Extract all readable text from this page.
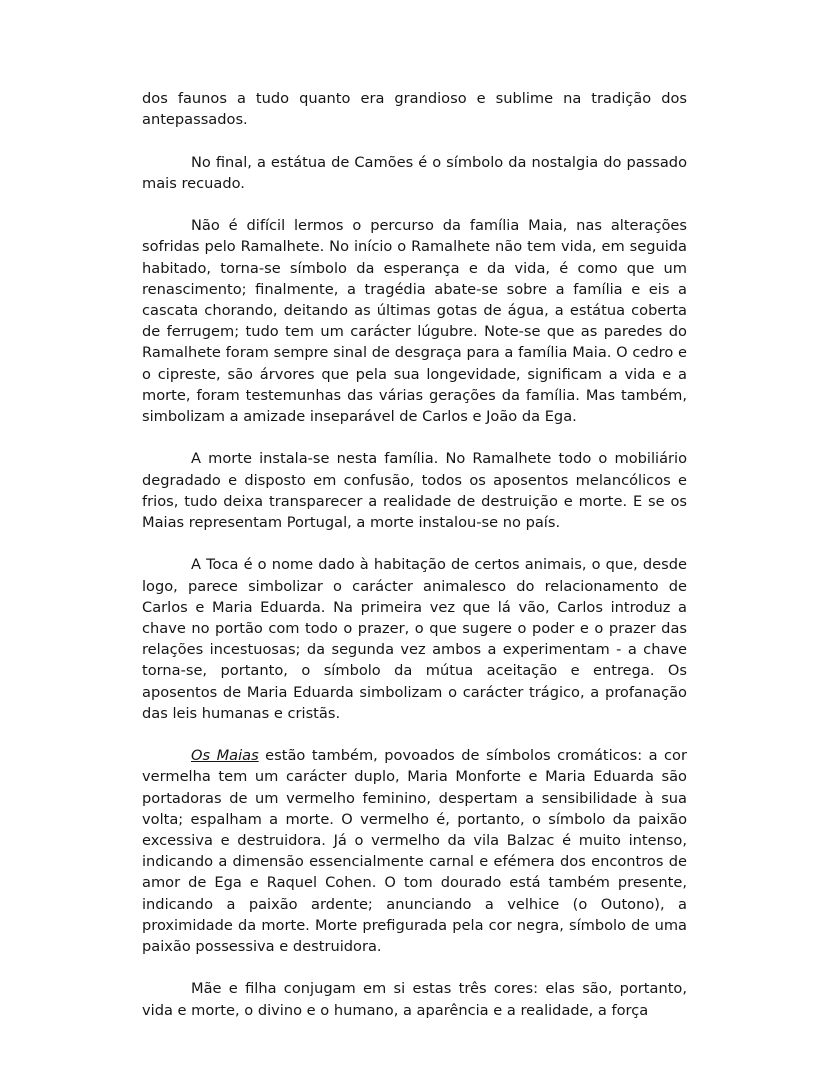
dos faunos a tudo quanto era grandioso e sublime na tradição dos antepassados.

No final, a estátua de Camões é o símbolo da nostalgia do passado mais recuado.

Não é difícil lermos o percurso da família Maia, nas alterações sofridas pelo Ramalhete. No início o Ramalhete não tem vida, em seguida habitado, torna-se símbolo da esperança e da vida, é como que um renascimento; finalmente, a tragédia abate-se sobre a família e eis a cascata chorando, deitando as últimas gotas de água, a estátua coberta de ferrugem; tudo tem um carácter lúgubre. Note-se que as paredes do Ramalhete foram sempre sinal de desgraça para a família Maia. O cedro e o cipreste, são árvores que pela sua longevidade, significam a vida e a morte, foram testemunhas das várias gerações da família. Mas também, simbolizam a amizade inseparável de Carlos e João da Ega.

A morte instala-se nesta família. No Ramalhete todo o mobiliário degradado e disposto em confusão, todos os aposentos melancólicos e frios, tudo deixa transparecer a realidade de destruição e morte. E se os Maias representam Portugal, a morte instalou-se no país.

A Toca é o nome dado à habitação de certos animais, o que, desde logo, parece simbolizar o carácter animalesco do relacionamento de Carlos e Maria Eduarda. Na primeira vez que lá vão, Carlos introduz a chave no portão com todo o prazer, o que sugere o poder e o prazer das relações incestuosas; da segunda vez ambos a experimentam - a chave torna-se, portanto, o símbolo da mútua aceitação e entrega. Os aposentos de Maria Eduarda simbolizam o carácter trágico, a profanação das leis humanas e cristãs.

Os Maias estão também, povoados de símbolos cromáticos: a cor vermelha tem um carácter duplo, Maria Monforte e Maria Eduarda são portadoras de um vermelho feminino, despertam a sensibilidade à sua volta; espalham a morte. O vermelho é, portanto, o símbolo da paixão excessiva e destruidora. Já o vermelho da vila Balzac é muito intenso, indicando a dimensão essencialmente carnal e efémera dos encontros de amor de Ega e Raquel Cohen. O tom dourado está também presente, indicando a paixão ardente; anunciando a velhice (o Outono), a proximidade da morte. Morte prefigurada pela cor negra, símbolo de uma paixão possessiva e destruidora.

Mãe e filha conjugam em si estas três cores: elas são, portanto, vida e morte, o divino e o humano, a aparência e a realidade, a força
